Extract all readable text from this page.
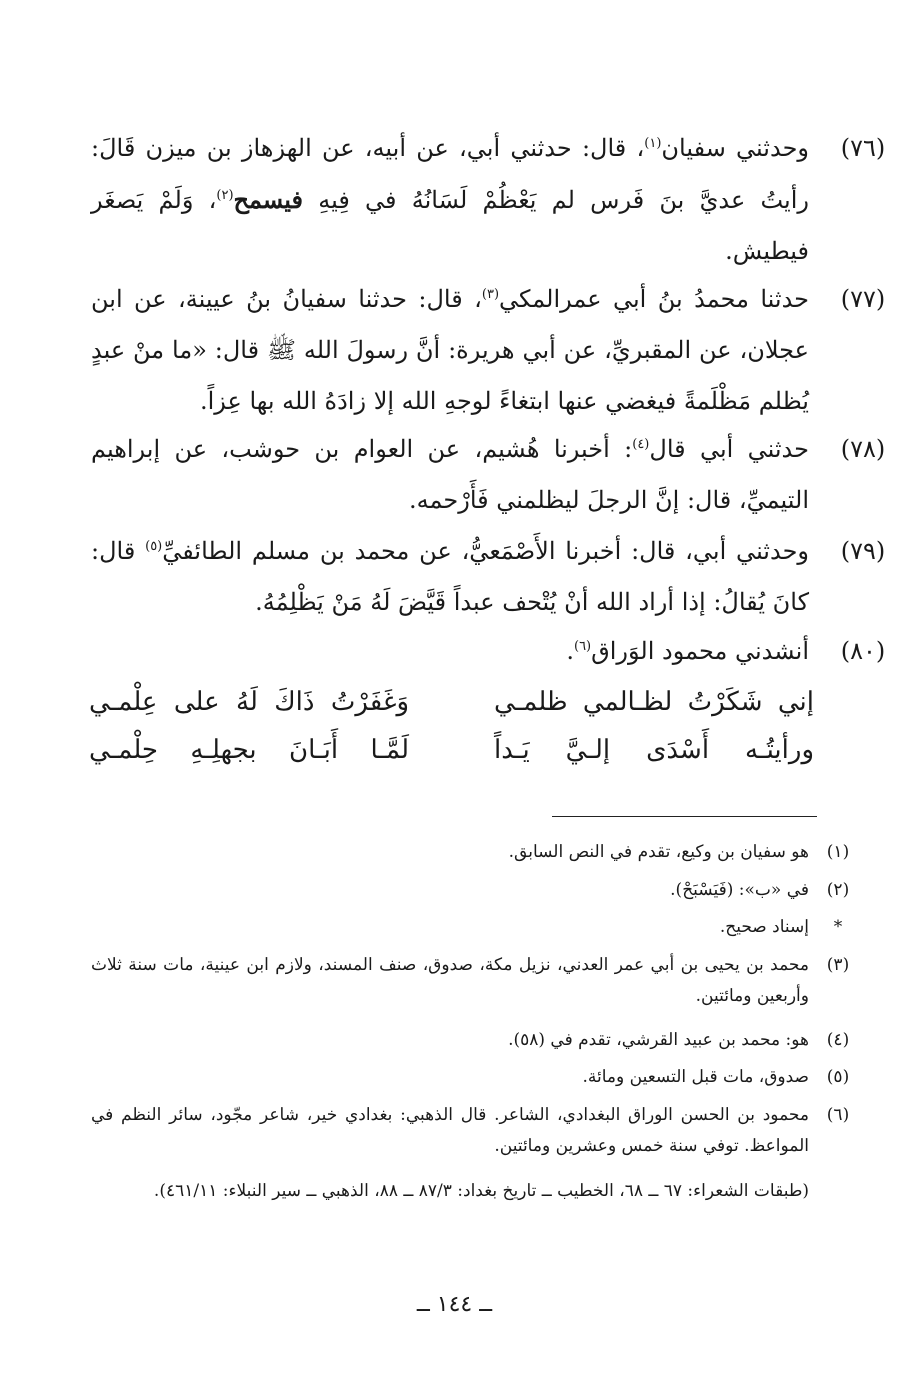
(٧٦)
وحدثني سفيان$^{(١)}$، قال: حدثني أبي، عن أبيه، عن الهزهاز بن ميزن قَالَ: رأيتُ عديَّ بنَ فَرس لم يَعْظُمْ لَسَانُهُ في فِيهِ فيسمح$^{(٢)}$، وَلَمْ يَصغَر فيطيش.
(٧٧)
حدثنا محمدُ بنُ أبي عمرالمكي$^{(٣)}$، قال: حدثنا سفيانُ بنُ عيينة، عن ابن عجلان، عن المقبريِّ، عن أبي هريرة: أنَّ رسولَ الله ﷺ قال: «ما منْ عبدٍ يُظلم مَظْلَمةً فيغضي عنها ابتغاءً لوجهِ الله إلا زادَهُ الله بها عِزاً.
(٧٨)
حدثني أبي قال$^{(٤)}$: أخبرنا هُشيم، عن العوام بن حوشب، عن إبراهيم التيميِّ، قال: إنَّ الرجلَ ليظلمني فَأَرْحمه.
(٧٩)
وحدثني أبي، قال: أخبرنا الأَصْمَعيُّ، عن محمد بن مسلم الطائفيِّ$^{(٥)}$ قال: كانَ يُقالُ: إذا أراد الله أنْ يُتْحف عبداً قَيَّضَ لَهُ مَنْ يَظْلِمُهُ.
(٨٠)
أنشدني محمود الوَراق$^{(٦)}$.
إني شَكَرْتُ لظـالمي ظلمـي
وَغَفَرْتُ ذَاكَ لَهُ على عِلْمـي
ورأيتُـه أَسْدَى إلـيَّ يَـداً
لَمَّـا أَبَـانَ بجهلِـهِ حِلْمـي
(١)
هو سفيان بن وكيع، تقدم في النص السابق.
(٢)
في «ب»: (فَيَسْبَحْ).
*
إسناد صحيح.
(٣)
محمد بن يحيى بن أبي عمر العدني، نزيل مكة، صدوق، صنف المسند، ولازم ابن عينية، مات سنة ثلاث وأربعين ومائتين.
(٤)
هو: محمد بن عبيد القرشي، تقدم في (٥٨).
(٥)
صدوق، مات قبل التسعين ومائة.
(٦)
محمود بن الحسن الوراق البغدادي، الشاعر. قال الذهبي: بغدادي خير، شاعر مجّود، سائر النظم في المواعظ. توفي سنة خمس وعشرين ومائتين.
(طبقات الشعراء: ٦٧ ــ ٦٨، الخطيب ــ تاريخ بغداد: ٨٧/٣ ــ ٨٨، الذهبي ــ سير النبلاء: ٤٦١/١١).
ــ ١٤٤ ــ
